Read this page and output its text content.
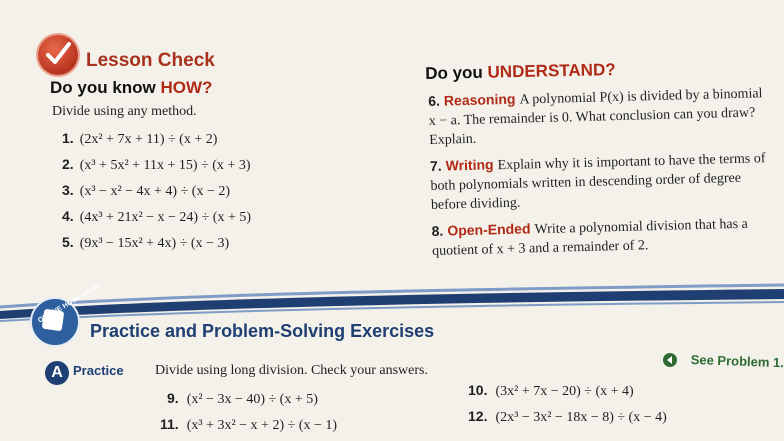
Lesson Check
Do you know HOW?
Divide using any method.
1. (2x² + 7x + 11) ÷ (x + 2)
2. (x³ + 5x² + 11x + 15) ÷ (x + 3)
3. (x³ − x² − 4x + 4) ÷ (x − 2)
4. (4x³ + 21x² − x − 24) ÷ (x + 5)
5. (9x³ − 15x² + 4x) ÷ (x − 3)
Do you UNDERSTAND?
6. Reasoning A polynomial P(x) is divided by a binomial x − a. The remainder is 0. What conclusion can you draw? Explain.
7. Writing Explain why it is important to have the terms of both polynomials written in descending order of degree before dividing.
8. Open-Ended Write a polynomial division that has a quotient of x + 3 and a remainder of 2.
ONLINE HOMEWORK
Practice and Problem-Solving Exercises
A Practice Divide using long division. Check your answers.
See Problem 1.
9. (x² − 3x − 40) ÷ (x + 5)
11. (x³ + 3x² − x + 2) ÷ (x − 1)
10. (3x² + 7x − 20) ÷ (x + 4)
12. (2x³ − 3x² − 18x − 8) ÷ (x − 4)
